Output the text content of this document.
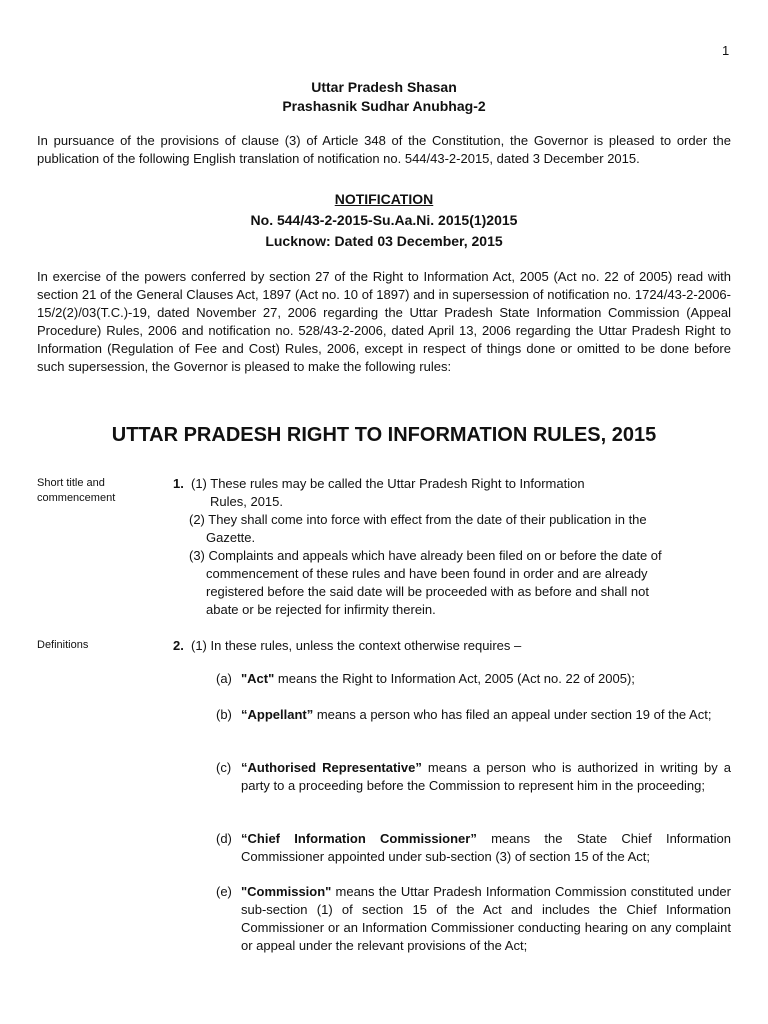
1
Uttar Pradesh Shasan
Prashasnik Sudhar Anubhag-2
In pursuance of the provisions of clause (3) of Article 348 of the Constitution, the Governor is pleased to order the publication of the following English translation of notification no. 544/43-2-2015, dated 3 December 2015.
NOTIFICATION
No. 544/43-2-2015-Su.Aa.Ni. 2015(1)2015
Lucknow: Dated 03 December, 2015
In exercise of the powers conferred by section 27 of the Right to Information Act, 2005 (Act no. 22 of 2005) read with section 21 of the General Clauses Act, 1897 (Act no. 10 of 1897) and in supersession of notification no. 1724/43-2-2006-15/2(2)/03(T.C.)-19, dated November 27, 2006 regarding the Uttar Pradesh State Information Commission (Appeal Procedure) Rules, 2006 and notification no. 528/43-2-2006, dated April 13, 2006 regarding the Uttar Pradesh Right to Information (Regulation of Fee and Cost) Rules, 2006, except in respect of things done or omitted to be done before such supersession, the Governor is pleased to make the following rules:
UTTAR PRADESH RIGHT TO INFORMATION RULES, 2015
Short title and
commencement
1. (1) These rules may be called the Uttar Pradesh Right to Information
Rules, 2015.
(2) They shall come into force with effect from the date of their publication in the
Gazette.
(3) Complaints and appeals which have already been filed on or before the date of
commencement of these rules and have been found in order and are already
registered before the said date will be proceeded with as before and shall not
abate or be rejected for infirmity therein.
Definitions	2. (1) In these rules, unless the context otherwise requires –
(a) "Act" means the Right to Information Act, 2005 (Act no. 22 of 2005);
(b) “Appellant” means a person who has filed an appeal under section 19 of the Act;
(c) “Authorised Representative” means a person who is authorized in writing by a party to a proceeding before the Commission to represent him in the proceeding;
(d) “Chief Information Commissioner” means the State Chief Information Commissioner appointed under sub-section (3) of section 15 of the Act;
(e) "Commission" means the Uttar Pradesh Information Commission constituted under sub-section (1) of section 15 of the Act and includes the Chief Information Commissioner or an Information Commissioner conducting hearing on any complaint or appeal under the relevant provisions of the Act;
